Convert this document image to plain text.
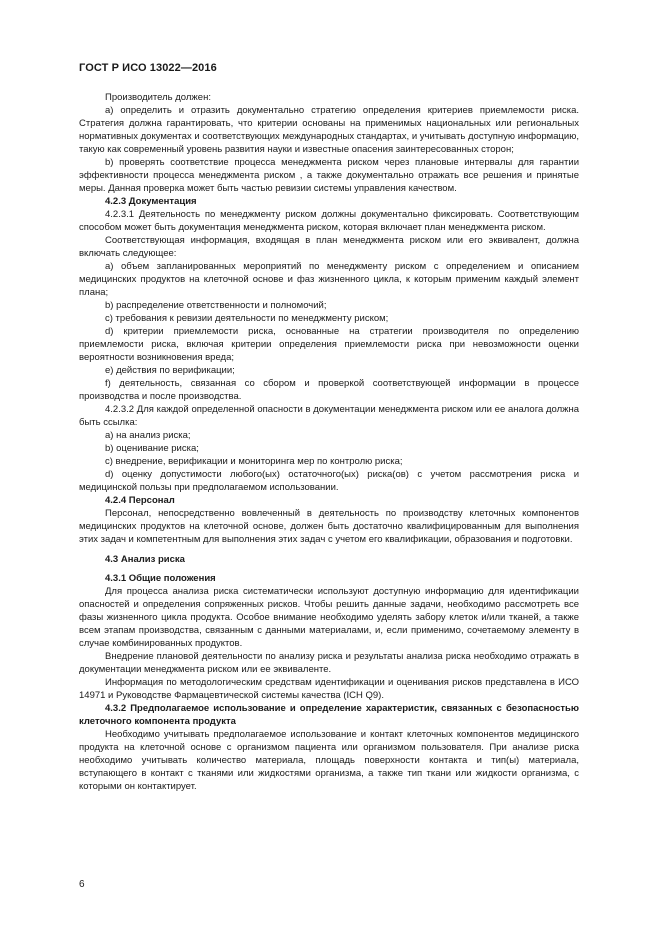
ГОСТ Р ИСО 13022—2016

Производитель должен:

a) определить и отразить документально стратегию определения критериев приемлемости риска. Стратегия должна гарантировать, что критерии основаны на применимых национальных или региональных нормативных документах и соответствующих международных стандартах, и учитывать доступную информацию, такую как современный уровень развития науки и известные опасения заинтересованных сторон;

b) проверять соответствие процесса менеджмента риском через плановые интервалы для гарантии эффективности процесса менеджмента риском , а также документально отражать все решения и принятые меры. Данная проверка может быть частью ревизии системы управления качеством.

4.2.3 Документация

4.2.3.1 Деятельность по менеджменту риском должны документально фиксировать. Соответствующим способом может быть документация менеджмента риском, которая включает план менеджмента риском.

Соответствующая информация, входящая в план менеджмента риском или его эквивалент, должна включать следующее:

a) объем запланированных мероприятий по менеджменту риском с определением и описанием медицинских продуктов на клеточной основе и фаз жизненного цикла, к которым применим каждый элемент плана;

b) распределение ответственности и полномочий;

c) требования к ревизии деятельности по менеджменту риском;

d) критерии приемлемости риска, основанные на стратегии производителя по определению приемлемости риска, включая критерии определения приемлемости риска при невозможности оценки вероятности возникновения вреда;

e) действия по верификации;

f) деятельность, связанная со сбором и проверкой соответствующей информации в процессе производства и после производства.

4.2.3.2 Для каждой определенной опасности в документации менеджмента риском или ее аналога должна быть ссылка:

a) на анализ риска;

b) оценивание риска;

c) внедрение, верификации и мониторинга мер по контролю риска;

d) оценку допустимости любого(ых) остаточного(ых) риска(ов) с учетом рассмотрения риска и медицинской пользы при предполагаемом использовании.

4.2.4 Персонал

Персонал, непосредственно вовлеченный в деятельность по производству клеточных компонентов медицинских продуктов на клеточной основе, должен быть достаточно квалифицированным для выполнения этих задач и компетентным для выполнения этих задач с учетом его квалификации, образования и подготовки.

4.3 Анализ риска

4.3.1 Общие положения

Для процесса анализа риска систематически используют доступную информацию для идентификации опасностей и определения сопряженных рисков. Чтобы решить данные задачи, необходимо рассмотреть все фазы жизненного цикла продукта. Особое внимание необходимо уделять забору клеток и/или тканей, а также всем этапам производства, связанным с данными материалами, и, если применимо, сочетаемому элементу в случае комбинированных продуктов.

Внедрение плановой деятельности по анализу риска и результаты анализа риска необходимо отражать в документации менеджмента риском или ее эквиваленте.

Информация по методологическим средствам идентификации и оценивания рисков представлена в ИСО 14971 и Руководстве Фармацевтической системы качества (ICH Q9).

4.3.2 Предполагаемое использование и определение характеристик, связанных с безопасностью клеточного компонента продукта

Необходимо учитывать предполагаемое использование и контакт клеточных компонентов медицинского продукта на клеточной основе с организмом пациента или организмом пользователя. При анализе риска необходимо учитывать количество материала, площадь поверхности контакта и тип(ы) материала, вступающего в контакт с тканями или жидкостями организма, а также тип ткани или жидкости организма, с которыми он контактирует.

6
